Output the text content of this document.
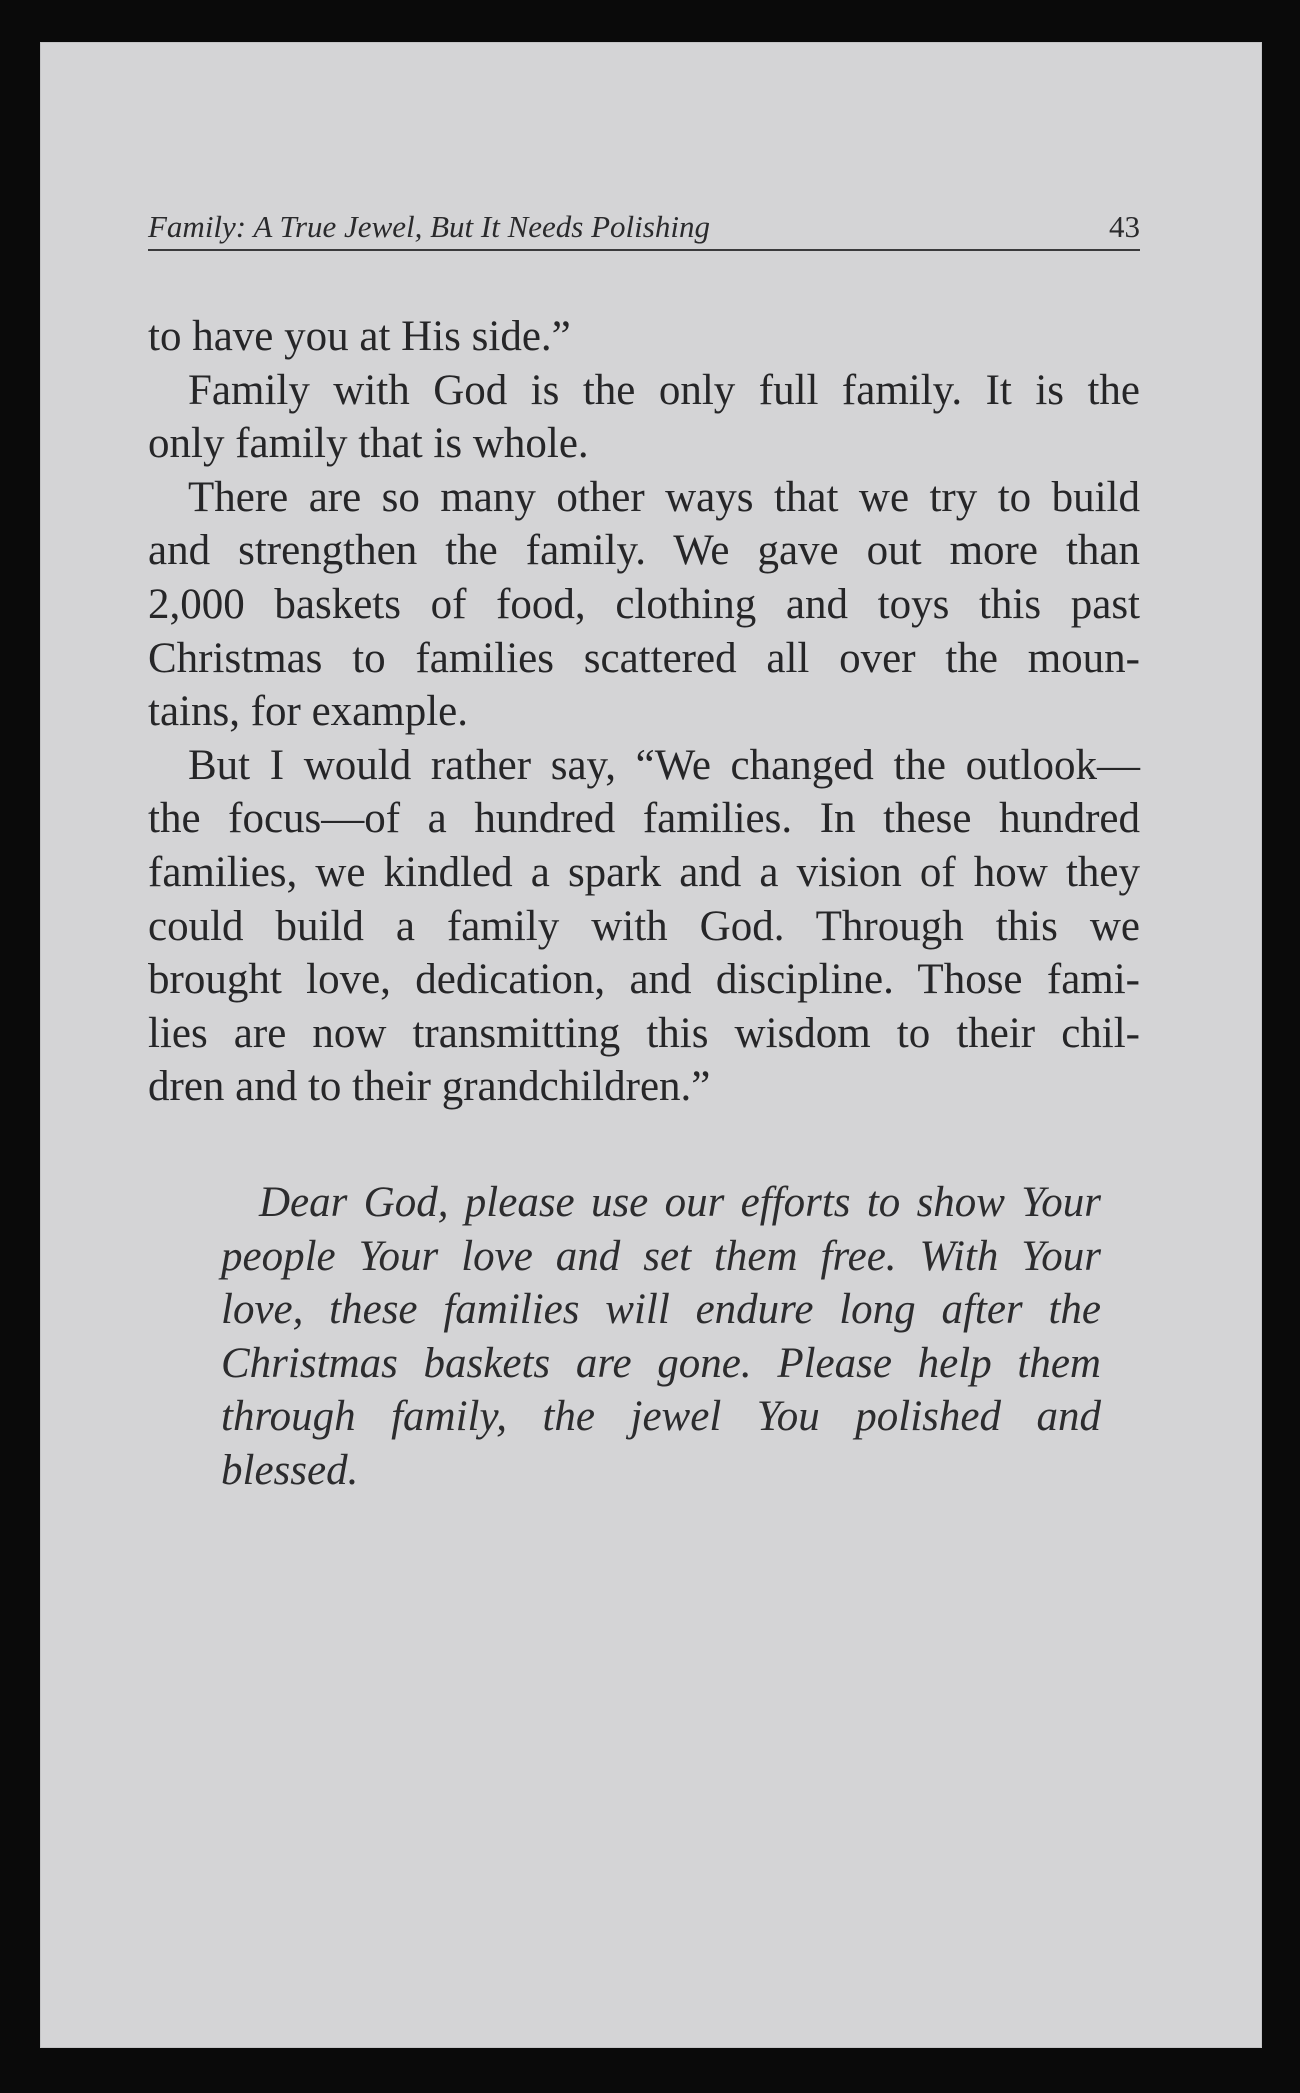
Family: A True Jewel, But It Needs Polishing	43
to have you at His side.”
Family with God is the only full family. It is the
only family that is whole.
There are so many other ways that we try to build
and strengthen the family. We gave out more than
2,000 baskets of food, clothing and toys this past
Christmas to families scattered all over the moun-
tains, for example.
But I would rather say, “We changed the outlook—
the focus—of a hundred families. In these hundred
families, we kindled a spark and a vision of how they
could build a family with God. Through this we
brought love, dedication, and discipline. Those fami-
lies are now transmitting this wisdom to their chil-
dren and to their grandchildren.”
Dear God, please use our efforts to show Your
people Your love and set them free. With Your
love, these families will endure long after the
Christmas baskets are gone. Please help them
through family, the jewel You polished and
blessed.
